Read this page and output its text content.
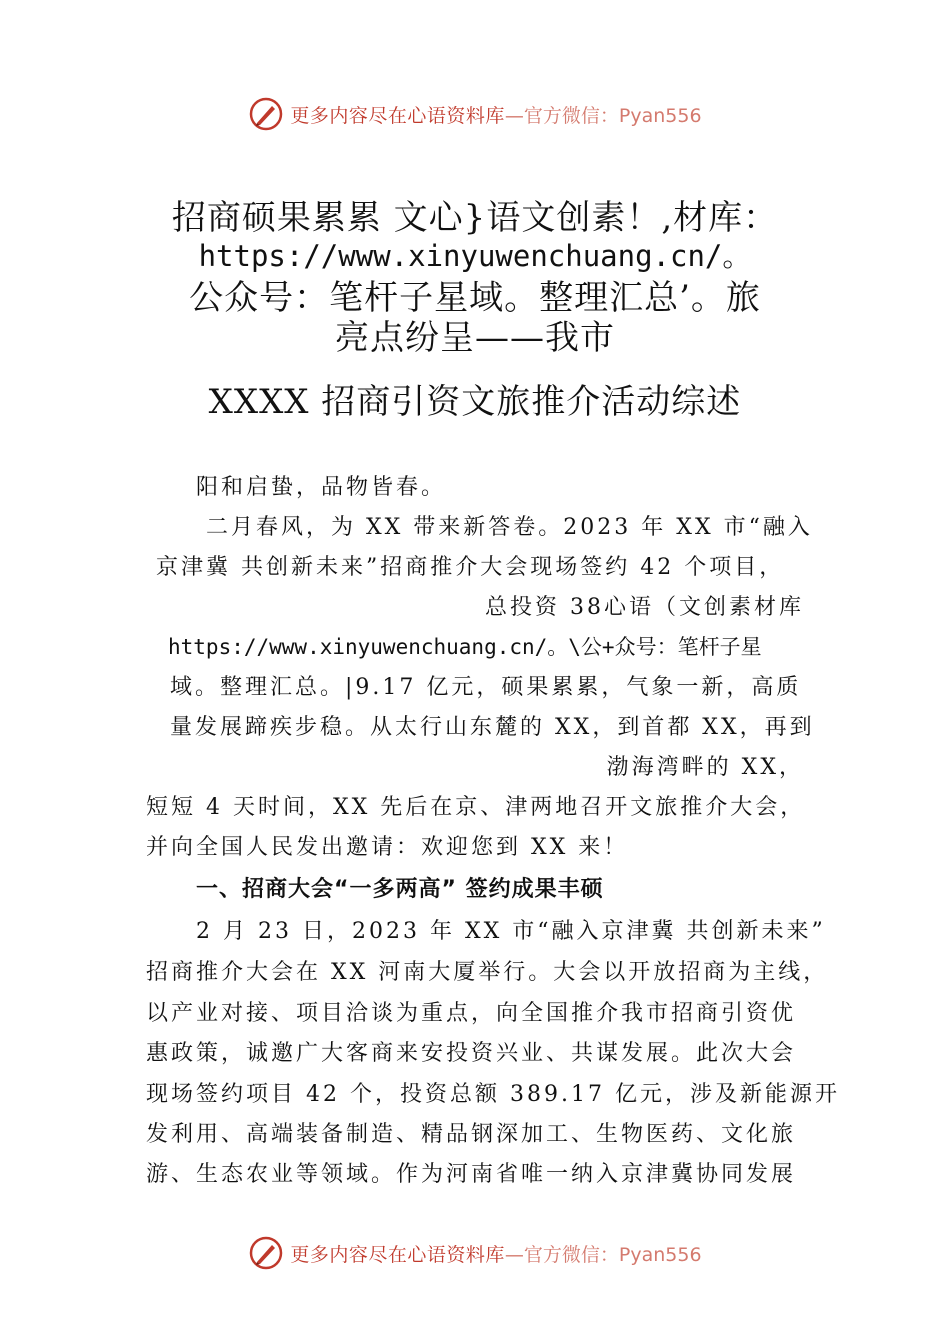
更多内容尽在心语资料库 —官方微信：Pyan556
招商硕果累累 文心}语文创素！,材库：
https://www.xinyuwenchuang.cn/。
公众号：笔杆子星域。整理汇总’。旅
亮点纷呈——我市
XXXX 招商引资文旅推介活动综述
阳和启蛰，品物皆春。
二月春风，为 XX 带来新答卷。2023 年 XX 市“融入
京津冀 共创新未来”招商推介大会现场签约 42 个项目，
总投资 38心语（文创素材库
https://www.xinyuwenchuang.cn/。\公+众号：笔杆子星
域。整理汇总。|9.17 亿元，硕果累累，气象一新，高质
量发展蹄疾步稳。从太行山东麓的 XX，到首都 XX，再到
渤海湾畔的 XX，
短短 4 天时间，XX 先后在京、津两地召开文旅推介大会，
并向全国人民发出邀请：欢迎您到 XX 来！
一、招商大会“一多两高” 签约成果丰硕
2 月 23 日，2023 年 XX 市“融入京津冀 共创新未来”
招商推介大会在 XX 河南大厦举行。大会以开放招商为主线，
以产业对接、项目洽谈为重点，向全国推介我市招商引资优
惠政策，诚邀广大客商来安投资兴业、共谋发展。此次大会
现场签约项目 42 个，投资总额 389.17 亿元，涉及新能源开
发利用、高端装备制造、精品钢深加工、生物医药、文化旅
游、生态农业等领域。作为河南省唯一纳入京津冀协同发展
更多内容尽在心语资料库 —官方微信：Pyan556
